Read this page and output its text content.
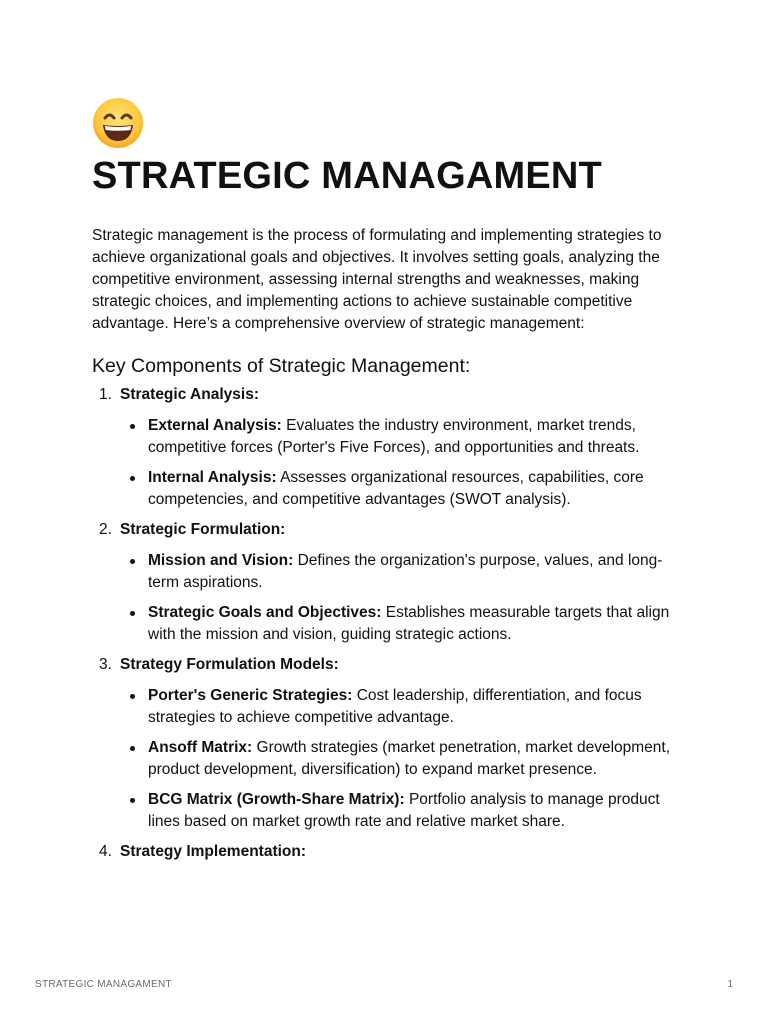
STRATEGIC MANAGAMENT

Strategic management is the process of formulating and implementing strategies to achieve organizational goals and objectives. It involves setting goals, analyzing the competitive environment, assessing internal strengths and weaknesses, making strategic choices, and implementing actions to achieve sustainable competitive advantage. Here’s a comprehensive overview of strategic management:

Key Components of Strategic Management:
1. Strategic Analysis:
External Analysis: Evaluates the industry environment, market trends, competitive forces (Porter's Five Forces), and opportunities and threats.
Internal Analysis: Assesses organizational resources, capabilities, core competencies, and competitive advantages (SWOT analysis).
2. Strategic Formulation:
Mission and Vision: Defines the organization's purpose, values, and long-term aspirations.
Strategic Goals and Objectives: Establishes measurable targets that align with the mission and vision, guiding strategic actions.
3. Strategy Formulation Models:
Porter's Generic Strategies: Cost leadership, differentiation, and focus strategies to achieve competitive advantage.
Ansoff Matrix: Growth strategies (market penetration, market development, product development, diversification) to expand market presence.
BCG Matrix (Growth-Share Matrix): Portfolio analysis to manage product lines based on market growth rate and relative market share.
4. Strategy Implementation:
STRATEGIC MANAGAMENT	1
